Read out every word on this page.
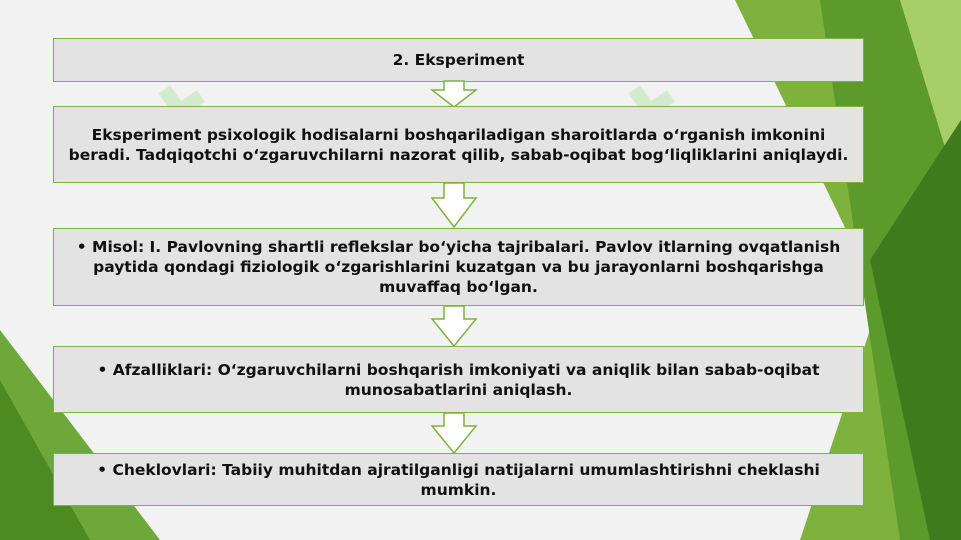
2. Eksperiment
Eksperiment psixologik hodisalarni boshqariladigan sharoitlarda o‘rganish imkonini beradi. Tadqiqotchi o‘zgaruvchilarni nazorat qilib, sabab-oqibat bog‘liqliklarini aniqlaydi.
• Misol: I. Pavlovning shartli reflekslar bo‘yicha tajribalari. Pavlov itlarning ovqatlanish paytida qondagi fiziologik o‘zgarishlarini kuzatgan va bu jarayonlarni boshqarishga muvaffaq bo‘lgan.
• Afzalliklari: O‘zgaruvchilarni boshqarish imkoniyati va aniqlik bilan sabab-oqibat munosabatlarini aniqlash.
• Cheklovlari: Tabiiy muhitdan ajratilganligi natijalarni umumlashtirishni cheklashi mumkin.
